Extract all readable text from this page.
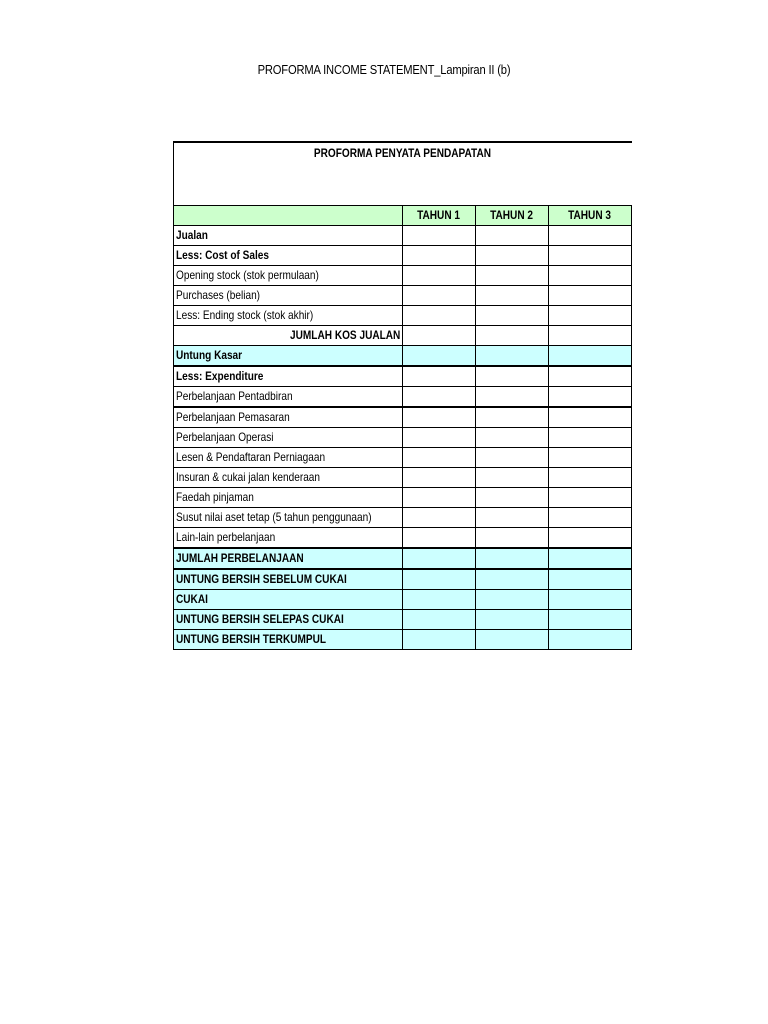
PROFORMA INCOME STATEMENT_Lampiran II (b)
PROFORMA PENYATA PENDAPATAN			

	TAHUN 1	TAHUN 2	TAHUN 3
Jualan			
Less: Cost of Sales			
Opening stock (stok permulaan)			
Purchases (belian)			
Less: Ending stock (stok akhir)			
JUMLAH KOS JUALAN			
Untung Kasar			
Less: Expenditure			
Perbelanjaan Pentadbiran			
Perbelanjaan Pemasaran			
Perbelanjaan Operasi			
Lesen & Pendaftaran Perniagaan			
Insuran & cukai jalan kenderaan			
Faedah pinjaman			
Susut nilai aset tetap (5 tahun penggunaan)			
Lain-lain perbelanjaan			
JUMLAH PERBELANJAAN			
UNTUNG BERSIH SEBELUM CUKAI			
CUKAI			
UNTUNG BERSIH SELEPAS CUKAI			
UNTUNG BERSIH TERKUMPUL			
